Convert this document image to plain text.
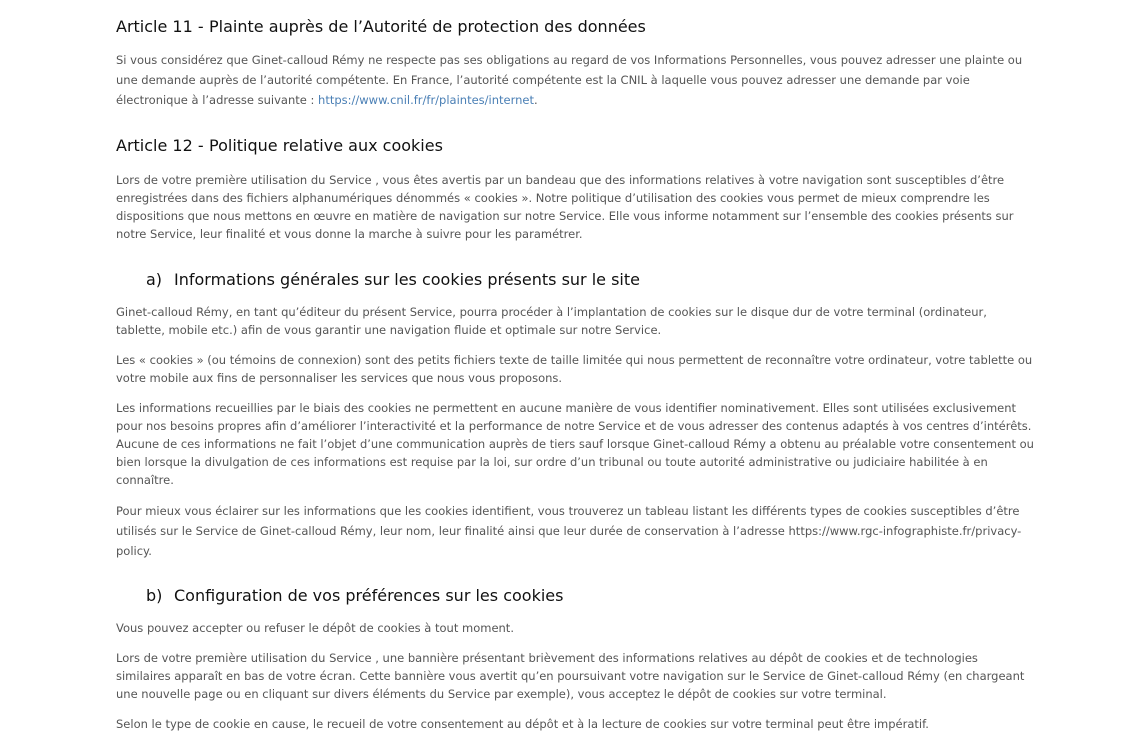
Article 11 - Plainte auprès de l’Autorité de protection des données

Si vous considérez que Ginet-calloud Rémy ne respecte pas ses obligations au regard de vos Informations Personnelles, vous pouvez adresser une plainte ou une demande auprès de l’autorité compétente. En France, l’autorité compétente est la CNIL à laquelle vous pouvez adresser une demande par voie électronique à l’adresse suivante : https://www.cnil.fr/fr/plaintes/internet.

Article 12 - Politique relative aux cookies

Lors de votre première utilisation du Service , vous êtes avertis par un bandeau que des informations relatives à votre navigation sont susceptibles d’être enregistrées dans des fichiers alphanumériques dénommés « cookies ». Notre politique d’utilisation des cookies vous permet de mieux comprendre les dispositions que nous mettons en œuvre en matière de navigation sur notre Service. Elle vous informe notamment sur l’ensemble des cookies présents sur notre Service, leur finalité et vous donne la marche à suivre pour les paramétrer.

a) Informations générales sur les cookies présents sur le site

Ginet-calloud Rémy, en tant qu’éditeur du présent Service, pourra procéder à l’implantation de cookies sur le disque dur de votre terminal (ordinateur, tablette, mobile etc.) afin de vous garantir une navigation fluide et optimale sur notre Service.

Les « cookies » (ou témoins de connexion) sont des petits fichiers texte de taille limitée qui nous permettent de reconnaître votre ordinateur, votre tablette ou votre mobile aux fins de personnaliser les services que nous vous proposons.

Les informations recueillies par le biais des cookies ne permettent en aucune manière de vous identifier nominativement. Elles sont utilisées exclusivement pour nos besoins propres afin d’améliorer l’interactivité et la performance de notre Service et de vous adresser des contenus adaptés à vos centres d’intérêts. Aucune de ces informations ne fait l’objet d’une communication auprès de tiers sauf lorsque Ginet-calloud Rémy a obtenu au préalable votre consentement ou bien lorsque la divulgation de ces informations est requise par la loi, sur ordre d’un tribunal ou toute autorité administrative ou judiciaire habilitée à en connaître.

Pour mieux vous éclairer sur les informations que les cookies identifient, vous trouverez un tableau listant les différents types de cookies susceptibles d’être utilisés sur le Service de Ginet-calloud Rémy, leur nom, leur finalité ainsi que leur durée de conservation à l’adresse https://www.rgc-infographiste.fr/privacy-policy.

b) Configuration de vos préférences sur les cookies

Vous pouvez accepter ou refuser le dépôt de cookies à tout moment.

Lors de votre première utilisation du Service , une bannière présentant brièvement des informations relatives au dépôt de cookies et de technologies similaires apparaît en bas de votre écran. Cette bannière vous avertit qu’en poursuivant votre navigation sur le Service de Ginet-calloud Rémy (en chargeant une nouvelle page ou en cliquant sur divers éléments du Service par exemple), vous acceptez le dépôt de cookies sur votre terminal.

Selon le type de cookie en cause, le recueil de votre consentement au dépôt et à la lecture de cookies sur votre terminal peut être impératif.
